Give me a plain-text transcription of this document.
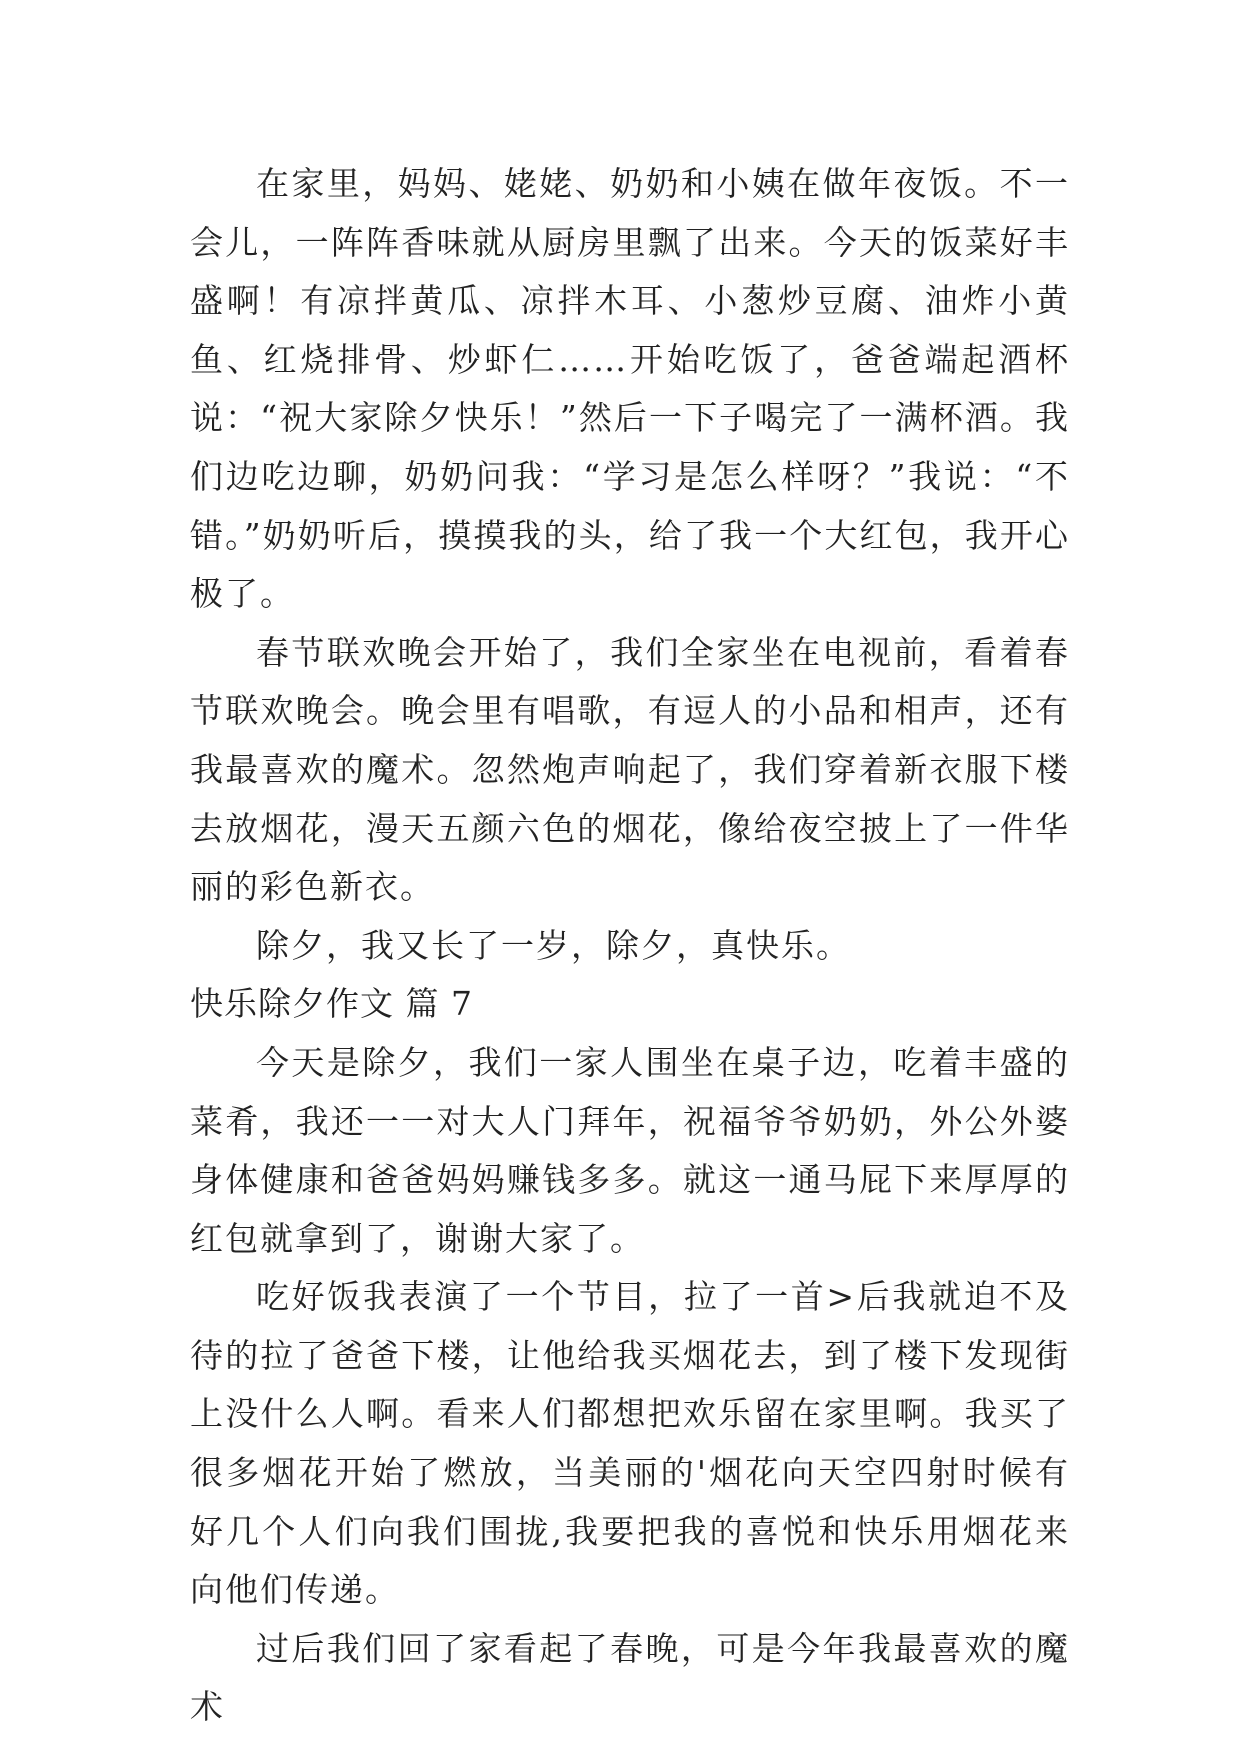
在家里，妈妈、姥姥、奶奶和小姨在做年夜饭。不一会儿，一阵阵香味就从厨房里飘了出来。今天的饭菜好丰盛啊！有凉拌黄瓜、凉拌木耳、小葱炒豆腐、油炸小黄鱼、红烧排骨、炒虾仁……开始吃饭了，爸爸端起酒杯说：“祝大家除夕快乐！”然后一下子喝完了一满杯酒。我们边吃边聊，奶奶问我：“学习是怎么样呀？”我说：“不错。”奶奶听后，摸摸我的头，给了我一个大红包，我开心极了。

春节联欢晚会开始了，我们全家坐在电视前，看着春节联欢晚会。晚会里有唱歌，有逗人的小品和相声，还有我最喜欢的魔术。忽然炮声响起了，我们穿着新衣服下楼去放烟花，漫天五颜六色的烟花，像给夜空披上了一件华丽的彩色新衣。

除夕，我又长了一岁，除夕，真快乐。

快乐除夕作文 篇 7

今天是除夕，我们一家人围坐在桌子边，吃着丰盛的菜肴，我还一一对大人门拜年，祝福爷爷奶奶，外公外婆身体健康和爸爸妈妈赚钱多多。就这一通马屁下来厚厚的红包就拿到了，谢谢大家了。

吃好饭我表演了一个节目，拉了一首>后我就迫不及待的拉了爸爸下楼，让他给我买烟花去，到了楼下发现街上没什么人啊。看来人们都想把欢乐留在家里啊。我买了很多烟花开始了燃放，当美丽的'烟花向天空四射时候有好几个人们向我们围拢,我要把我的喜悦和快乐用烟花来向他们传递。

过后我们回了家看起了春晚，可是今年我最喜欢的魔术
